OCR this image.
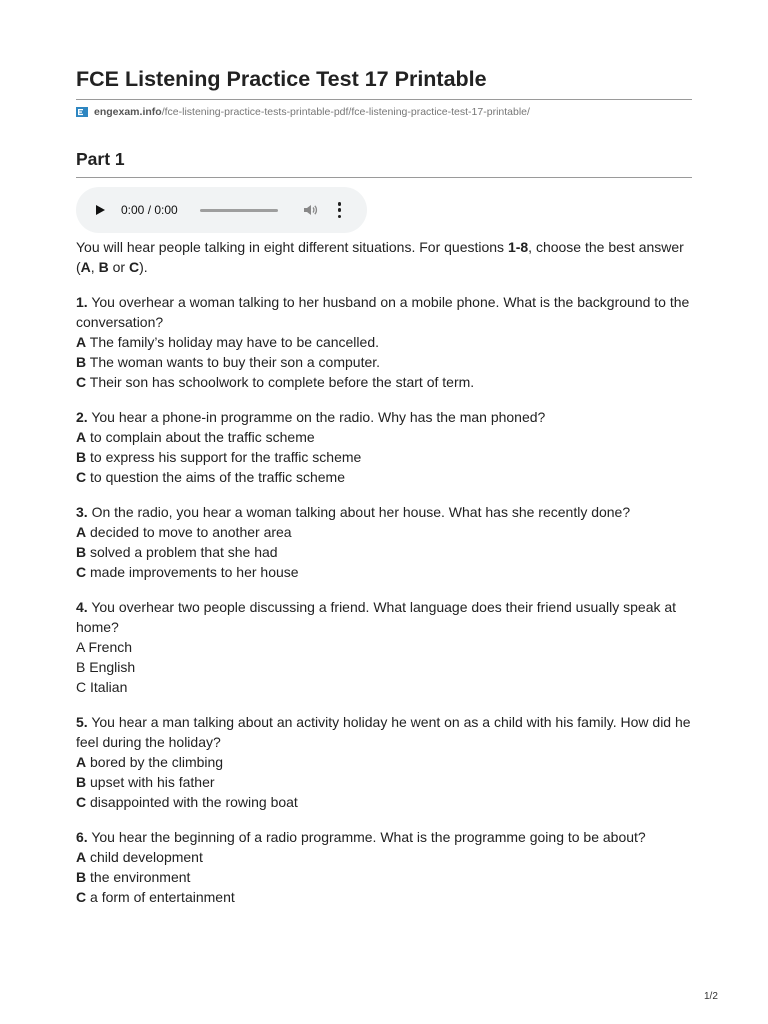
FCE Listening Practice Test 17 Printable
engexam.info /fce-listening-practice-tests-printable-pdf/fce-listening-practice-test-17-printable/
Part 1
0:00 / 0:00

You will hear people talking in eight different situations. For questions 1-8, choose the best answer (A, B or C).

1. You overhear a woman talking to her husband on a mobile phone. What is the background to the conversation?

A The family’s holiday may have to be cancelled.
B The woman wants to buy their son a computer.
C Their son has schoolwork to complete before the start of term.

2. You hear a phone-in programme on the radio. Why has the man phoned?

A to complain about the traffic scheme
B to express his support for the traffic scheme
C to question the aims of the traffic scheme

3. On the radio, you hear a woman talking about her house. What has she recently done?

A decided to move to another area
B solved a problem that she had
C made improvements to her house

4. You overhear two people discussing a friend. What language does their friend usually speak at home?

A French
B English
C Italian

5. You hear a man talking about an activity holiday he went on as a child with his family. How did he feel during the holiday?

A bored by the climbing
B upset with his father
C disappointed with the rowing boat

6. You hear the beginning of a radio programme. What is the programme going to be about?

A child development
B the environment
C a form of entertainment
1/2
